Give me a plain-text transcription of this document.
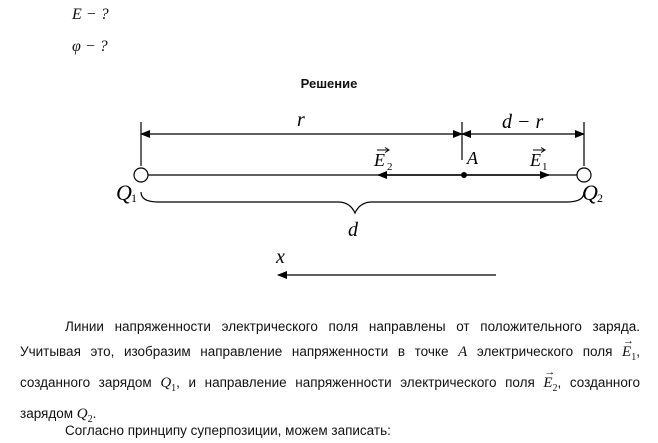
E − ?
φ − ?
Решение
r	d − r
E 2	E 1
A
Q 1	Q 2
d
x
Линии напряженности электрического поля направлены от положительного заряда.
Учитывая это, изобразим направление напряженности в точке A электрического поля → $E_1$,
созданного зарядом $Q_1$, и направление напряженности электрического поля → $E_2$, созданного
зарядом $Q_2$.
Согласно принципу суперпозиции, можем записать:
